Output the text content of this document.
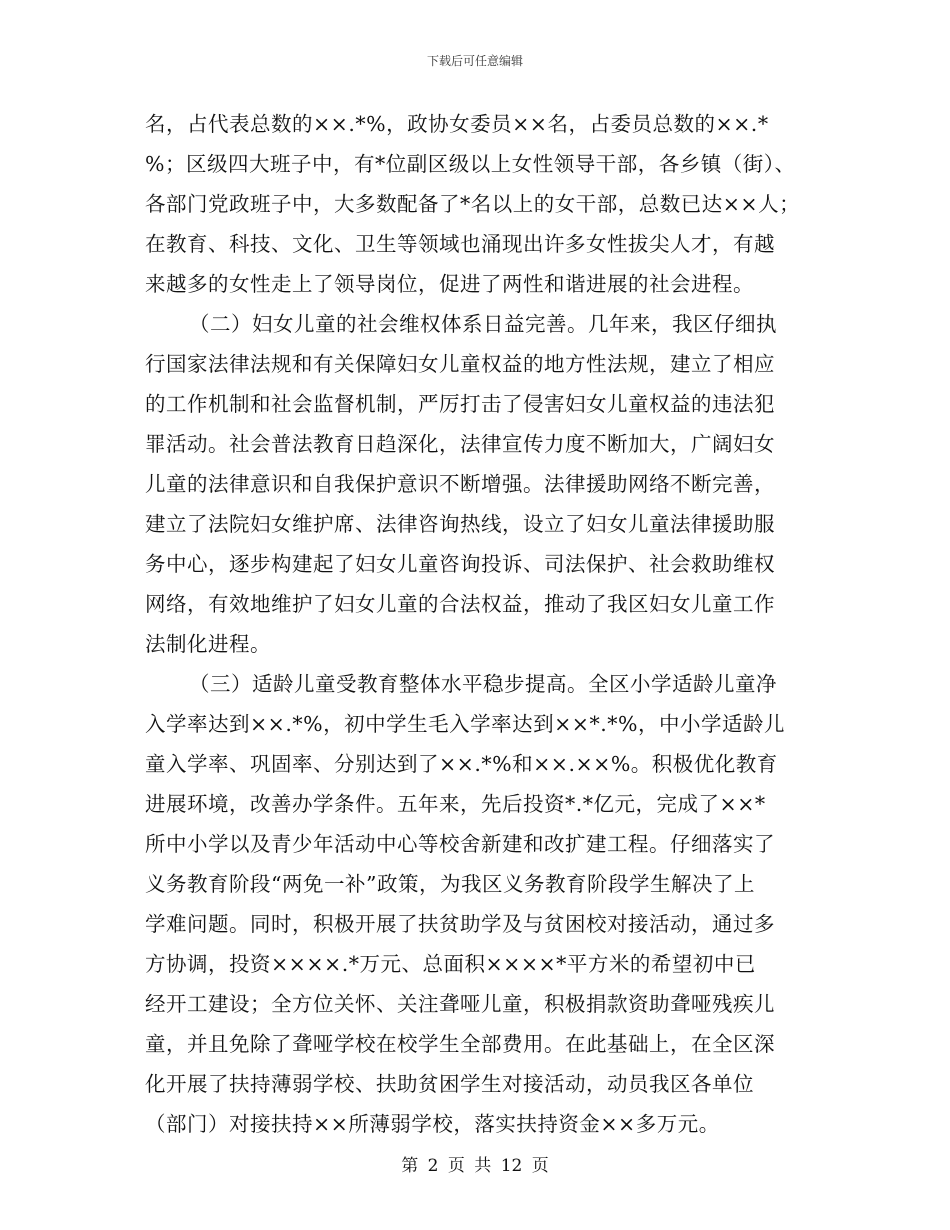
下载后可任意编辑
名，占代表总数的××.*%，政协女委员××名，占委员总数的××.*
%；区级四大班子中，有*位副区级以上女性领导干部，各乡镇（街）、
各部门党政班子中，大多数配备了*名以上的女干部，总数已达××人；
在教育、科技、文化、卫生等领域也涌现出许多女性拔尖人才，有越
来越多的女性走上了领导岗位，促进了两性和谐进展的社会进程。
（二）妇女儿童的社会维权体系日益完善。几年来，我区仔细执
行国家法律法规和有关保障妇女儿童权益的地方性法规，建立了相应
的工作机制和社会监督机制，严厉打击了侵害妇女儿童权益的违法犯
罪活动。社会普法教育日趋深化，法律宣传力度不断加大，广阔妇女
儿童的法律意识和自我保护意识不断增强。法律援助网络不断完善，
建立了法院妇女维护席、法律咨询热线，设立了妇女儿童法律援助服
务中心，逐步构建起了妇女儿童咨询投诉、司法保护、社会救助维权
网络，有效地维护了妇女儿童的合法权益，推动了我区妇女儿童工作
法制化进程。
（三）适龄儿童受教育整体水平稳步提高。全区小学适龄儿童净
入学率达到××.*%，初中学生毛入学率达到××*.*%，中小学适龄儿
童入学率、巩固率、分别达到了××.*%和××.××%。积极优化教育
进展环境，改善办学条件。五年来，先后投资*.*亿元，完成了××*
所中小学以及青少年活动中心等校舍新建和改扩建工程。仔细落实了
义务教育阶段“两免一补”政策，为我区义务教育阶段学生解决了上
学难问题。同时，积极开展了扶贫助学及与贫困校对接活动，通过多
方协调，投资××××.*万元、总面积××××*平方米的希望初中已
经开工建设；全方位关怀、关注聋哑儿童，积极捐款资助聋哑残疾儿
童，并且免除了聋哑学校在校学生全部费用。在此基础上，在全区深
化开展了扶持薄弱学校、扶助贫困学生对接活动，动员我区各单位
（部门）对接扶持××所薄弱学校，落实扶持资金××多万元。
第 2 页 共 12 页
